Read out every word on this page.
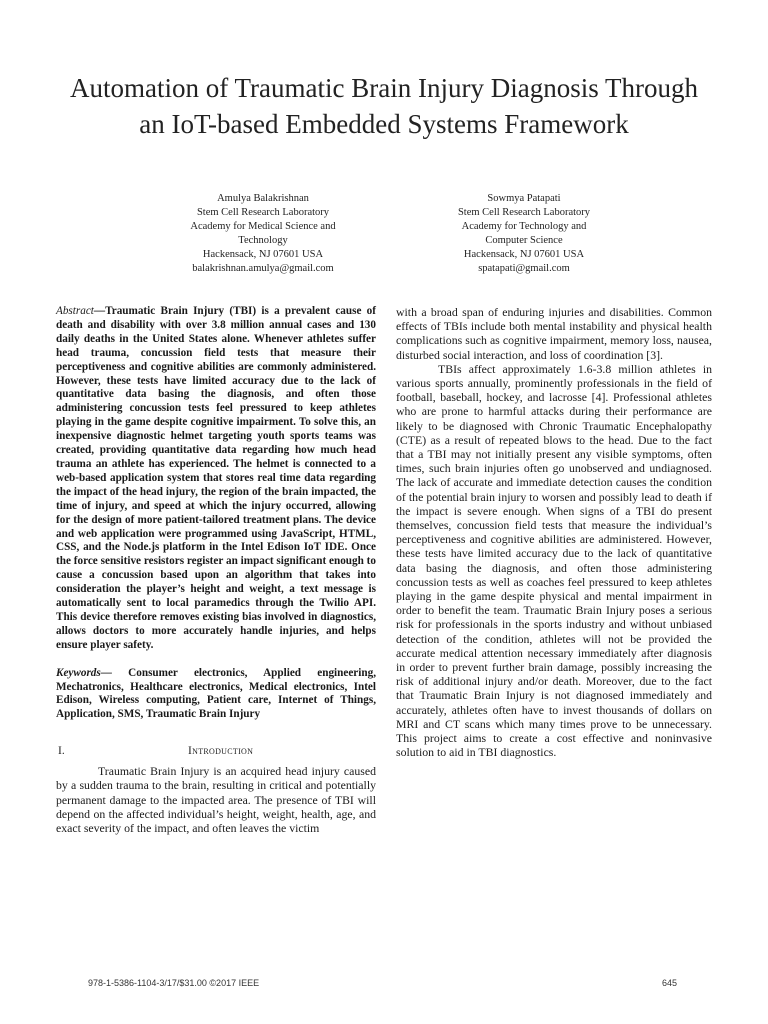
Automation of Traumatic Brain Injury Diagnosis Through an IoT-based Embedded Systems Framework
Amulya Balakrishnan
Stem Cell Research Laboratory
Academy for Medical Science and
Technology
Hackensack, NJ 07601 USA
balakrishnan.amulya@gmail.com
Sowmya Patapati
Stem Cell Research Laboratory
Academy for Technology and
Computer Science
Hackensack, NJ 07601 USA
spatapati@gmail.com

Abstract—Traumatic Brain Injury (TBI) is a prevalent cause of death and disability with over 3.8 million annual cases and 130 daily deaths in the United States alone. Whenever athletes suffer head trauma, concussion field tests that measure their perceptiveness and cognitive abilities are commonly administered. However, these tests have limited accuracy due to the lack of quantitative data basing the diagnosis, and often those administering concussion tests feel pressured to keep athletes playing in the game despite cognitive impairment. To solve this, an inexpensive diagnostic helmet targeting youth sports teams was created, providing quantitative data regarding how much head trauma an athlete has experienced. The helmet is connected to a web-based application system that stores real time data regarding the impact of the head injury, the region of the brain impacted, the time of injury, and speed at which the injury occurred, allowing for the design of more patient-tailored treatment plans. The device and web application were programmed using JavaScript, HTML, CSS, and the Node.js platform in the Intel Edison IoT IDE. Once the force sensitive resistors register an impact significant enough to cause a concussion based upon an algorithm that takes into consideration the player’s height and weight, a text message is automatically sent to local paramedics through the Twilio API. This device therefore removes existing bias involved in diagnostics, allows doctors to more accurately handle injuries, and helps ensure player safety.

Keywords— Consumer electronics, Applied engineering, Mechatronics, Healthcare electronics, Medical electronics, Intel Edison, Wireless computing, Patient care, Internet of Things, Application, SMS, Traumatic Brain Injury

I.	Introduction

Traumatic Brain Injury is an acquired head injury caused by a sudden trauma to the brain, resulting in critical and potentially permanent damage to the impacted area. The presence of TBI will depend on the affected individual’s height, weight, health, age, and exact severity of the impact, and often leaves the victim

with a broad span of enduring injuries and disabilities. Common effects of TBIs include both mental instability and physical health complications such as cognitive impairment, memory loss, nausea, disturbed social interaction, and loss of coordination [3].

TBIs affect approximately 1.6-3.8 million athletes in various sports annually, prominently professionals in the field of football, baseball, hockey, and lacrosse [4]. Professional athletes who are prone to harmful attacks during their performance are likely to be diagnosed with Chronic Traumatic Encephalopathy (CTE) as a result of repeated blows to the head. Due to the fact that a TBI may not initially present any visible symptoms, often times, such brain injuries often go unobserved and undiagnosed. The lack of accurate and immediate detection causes the condition of the potential brain injury to worsen and possibly lead to death if the impact is severe enough. When signs of a TBI do present themselves, concussion field tests that measure the individual’s perceptiveness and cognitive abilities are administered. However, these tests have limited accuracy due to the lack of quantitative data basing the diagnosis, and often those administering concussion tests as well as coaches feel pressured to keep athletes playing in the game despite physical and mental impairment in order to benefit the team. Traumatic Brain Injury poses a serious risk for professionals in the sports industry and without unbiased detection of the condition, athletes will not be provided the accurate medical attention necessary immediately after diagnosis in order to prevent further brain damage, possibly increasing the risk of additional injury and/or death. Moreover, due to the fact that Traumatic Brain Injury is not diagnosed immediately and accurately, athletes often have to invest thousands of dollars on MRI and CT scans which many times prove to be unnecessary. This project aims to create a cost effective and noninvasive solution to aid in TBI diagnostics.

978-1-5386-1104-3/17/$31.00 ©2017 IEEE	645
